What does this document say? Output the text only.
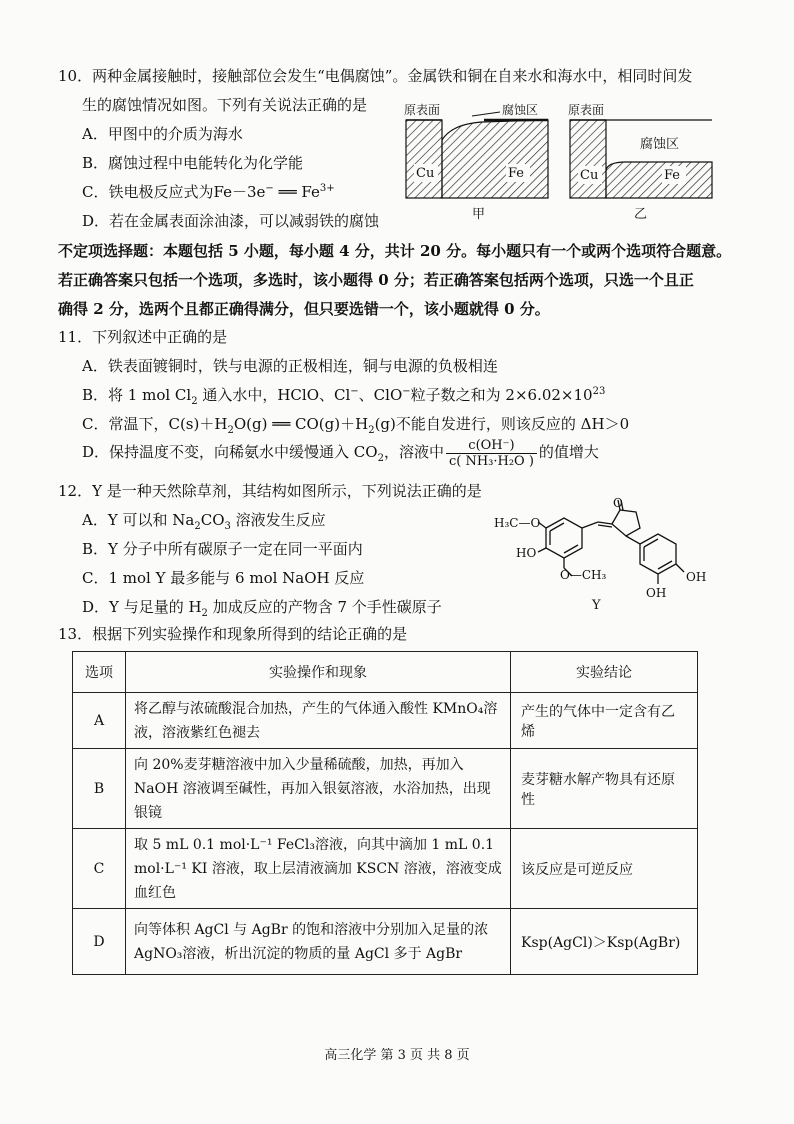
10．两种金属接触时，接触部位会发生“电偶腐蚀”。金属铁和铜在自来水和海水中，相同时间发
生的腐蚀情况如图。下列有关说法正确的是
A．甲图中的介质为海水
B．腐蚀过程中电能转化为化学能
C．铁电极反应式为Fe－3e− ══ $Fe^{3+}$
D．若在金属表面涂油漆，可以减弱铁的腐蚀
原表面	腐蚀区
Cu	Fe
甲
原表面
腐蚀区
Cu	Fe
乙
不定项选择题：本题包括 5 小题，每小题 4 分，共计 20 分。每小题只有一个或两个选项符合题意。
若正确答案只包括一个选项，多选时，该小题得 0 分；若正确答案包括两个选项，只选一个且正
确得 2 分，选两个且都正确得满分，但只要选错一个，该小题就得 0 分。
11．下列叙述中正确的是
A．铁表面镀铜时，铁与电源的正极相连，铜与电源的负极相连
B．将 1 mol $Cl_2$ 通入水中，HClO、Cl−、ClO−粒子数之和为 $2\times 6.02\times 10^{23}$
C．常温下，$C(s)+H_2O(g)$ ══ $CO(g)+H_2(g)$不能自发进行，则该反应的 ΔH＞0
D．保持温度不变，向稀氨水中缓慢通入 $CO_2$，溶液中 $\frac{c(OH^-)}{\text{c( NH₃·H₂O )}}$ 的值增大
12．Y 是一种天然除草剂，其结构如图所示，下列说法正确的是
A．Y 可以和 $Na_2CO_3$ 溶液发生反应
B．Y 分子中所有碳原子一定在同一平面内
C．1 mol Y 最多能与 6 mol NaOH 反应
D．Y 与足量的 $H_2$ 加成反应的产物含 7 个手性碳原子
O
H₃C—O
HO
O—CH₃	OH
OH
Y
13．根据下列实验操作和现象所得到的结论正确的是
选项	实验操作和现象	实验结论
A	将乙醇与浓硫酸混合加热，产生的气体通入酸性 KMnO₄溶液，溶液紫红色褪去	产生的气体中一定含有乙烯
B	向 20%麦芽糖溶液中加入少量稀硫酸，加热，再加入 NaOH 溶液调至碱性，再加入银氨溶液，水浴加热，出现银镜	麦芽糖水解产物具有还原性
C	取 5 mL 0.1 mol·L⁻¹ FeCl₃溶液，向其中滴加 1 mL 0.1 mol·L⁻¹ KI 溶液，取上层清液滴加 KSCN 溶液，溶液变成血红色	该反应是可逆反应
D	向等体积 AgCl 与 AgBr 的饱和溶液中分别加入足量的浓 AgNO₃溶液，析出沉淀的物质的量 AgCl 多于 AgBr	Ksp(AgCl)＞Ksp(AgBr)
高三化学 第 3 页 共 8 页
